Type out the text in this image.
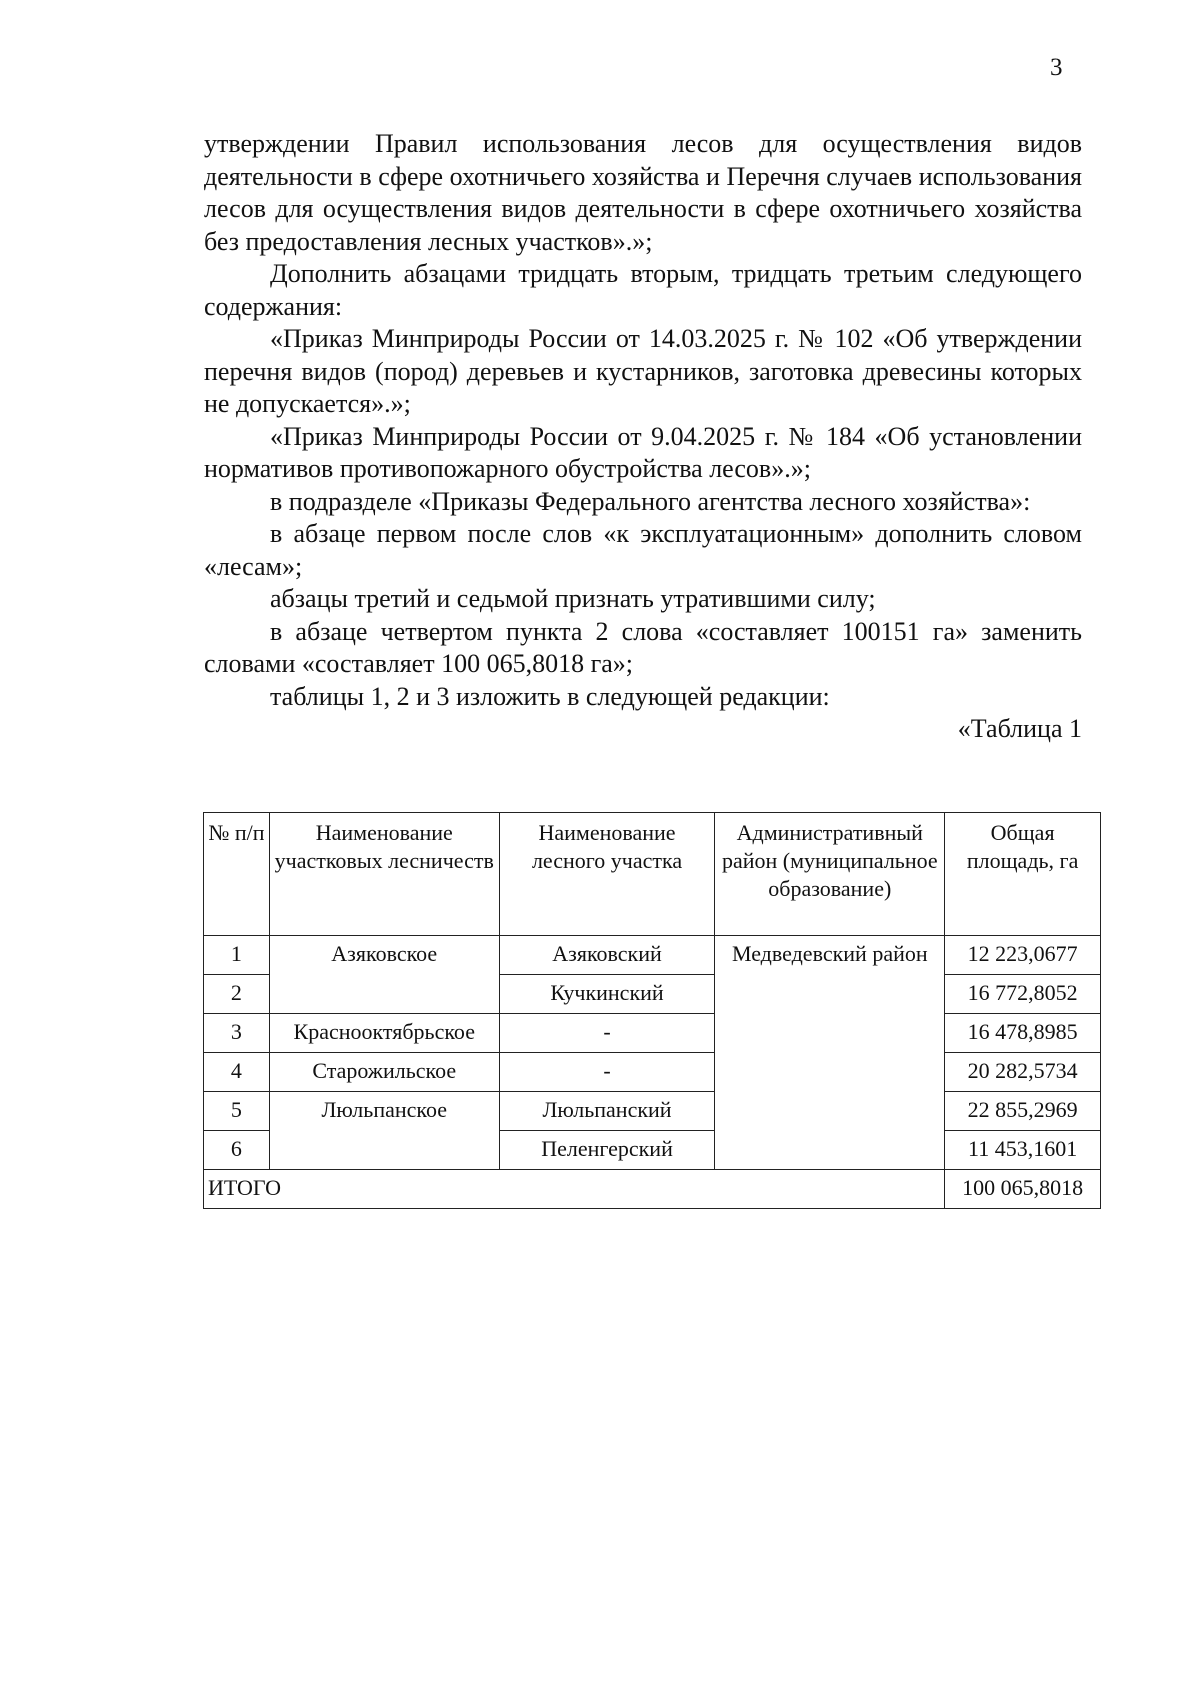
3

утверждении Правил использования лесов для осуществления видов деятельности в сфере охотничьего хозяйства и Перечня случаев использования лесов для осуществления видов деятельности в сфере охотничьего хозяйства без предоставления лесных участков».»;

Дополнить абзацами тридцать вторым, тридцать третьим следующего содержания:

«Приказ Минприроды России от 14.03.2025 г. № 102 «Об утверждении перечня видов (пород) деревьев и кустарников, заготовка древесины которых не допускается».»;

«Приказ Минприроды России от 9.04.2025 г. № 184 «Об установлении нормативов противопожарного обустройства лесов».»;

в подразделе «Приказы Федерального агентства лесного хозяйства»:

в абзаце первом после слов «к эксплуатационным» дополнить словом «лесам»;

абзацы третий и седьмой признать утратившими силу;

в абзаце четвертом пункта 2 слова «составляет 100151 га» заменить словами «составляет 100 065,8018 га»;

таблицы 1, 2 и 3 изложить в следующей редакции:

«Таблица 1

№ п/п	Наименование участковых лесничеств	Наименование лесного участка	Административный район (муниципальное образование)	Общая площадь, га
1	Азяковское	Азяковский	Медведевский район	12 223,0677
2		Кучкинский		16 772,8052
3	Краснооктябрьское	-		16 478,8985
4	Старожильское	-		20 282,5734
5	Люльпанское	Люльпанский		22 855,2969
6		Пеленгерский		11 453,1601
ИТОГО				100 065,8018
